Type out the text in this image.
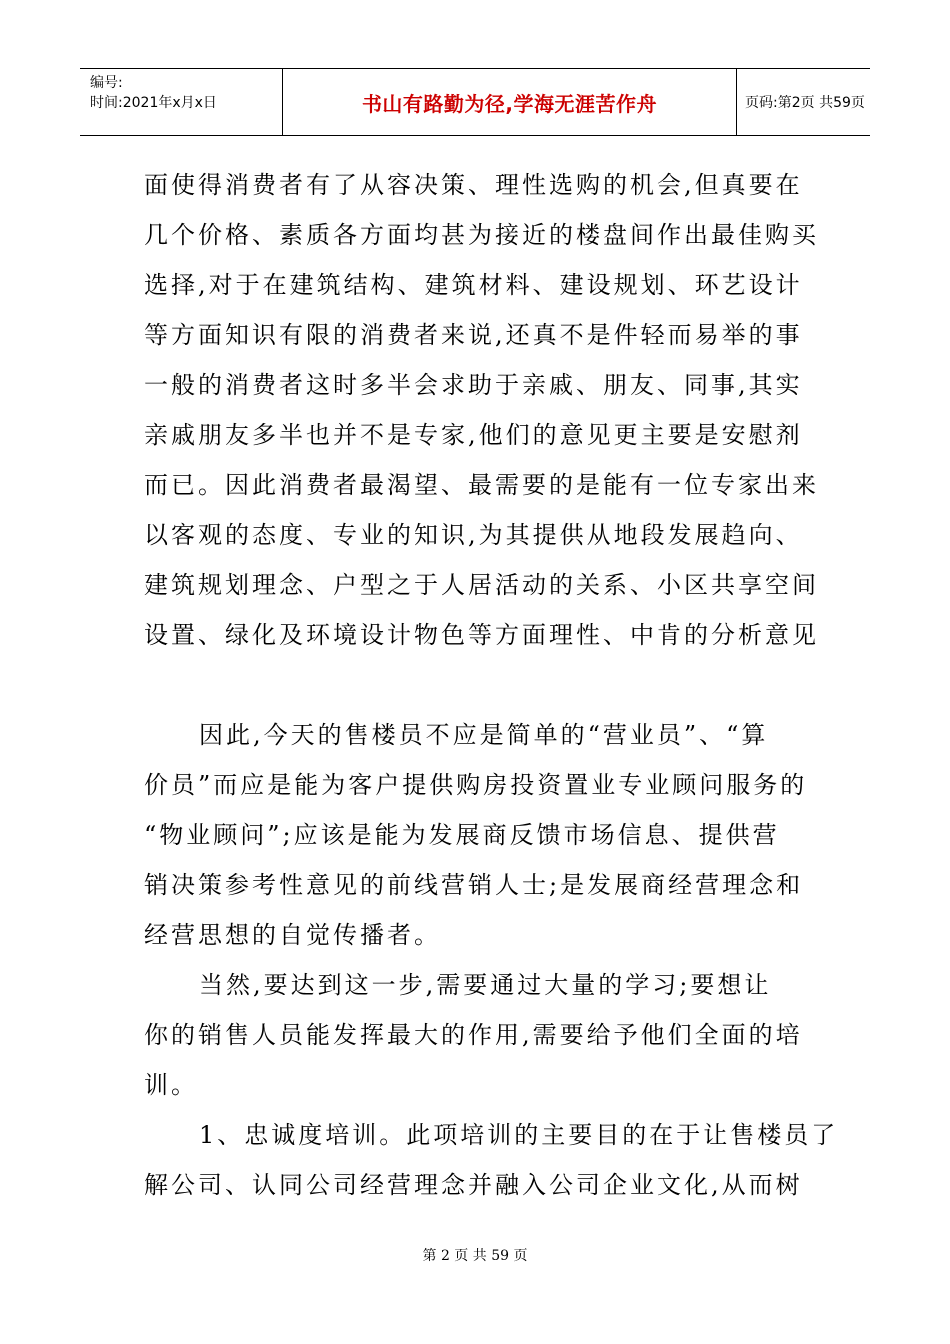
编号:
时间:2021年x月x日	书山有路勤为径,学海无涯苦作舟	页码:第2页 共59页
面使得消费者有了从容决策、理性选购的机会,但真要在
几个价格、素质各方面均甚为接近的楼盘间作出最佳购买
选择,对于在建筑结构、建筑材料、建设规划、环艺设计
等方面知识有限的消费者来说,还真不是件轻而易举的事
一般的消费者这时多半会求助于亲戚、朋友、同事,其实
亲戚朋友多半也并不是专家,他们的意见更主要是安慰剂
而已。因此消费者最渴望、最需要的是能有一位专家出来
以客观的态度、专业的知识,为其提供从地段发展趋向、
建筑规划理念、户型之于人居活动的关系、小区共享空间
设置、绿化及环境设计物色等方面理性、中肯的分析意见
因此,今天的售楼员不应是简单的“营业员”、“算
价员”而应是能为客户提供购房投资置业专业顾问服务的
“物业顾问”;应该是能为发展商反馈市场信息、提供营
销决策参考性意见的前线营销人士;是发展商经营理念和
经营思想的自觉传播者。
当然,要达到这一步,需要通过大量的学习;要想让
你的销售人员能发挥最大的作用,需要给予他们全面的培
训。
1、忠诚度培训。此项培训的主要目的在于让售楼员了
解公司、认同公司经营理念并融入公司企业文化,从而树
第 2 页 共 59 页
